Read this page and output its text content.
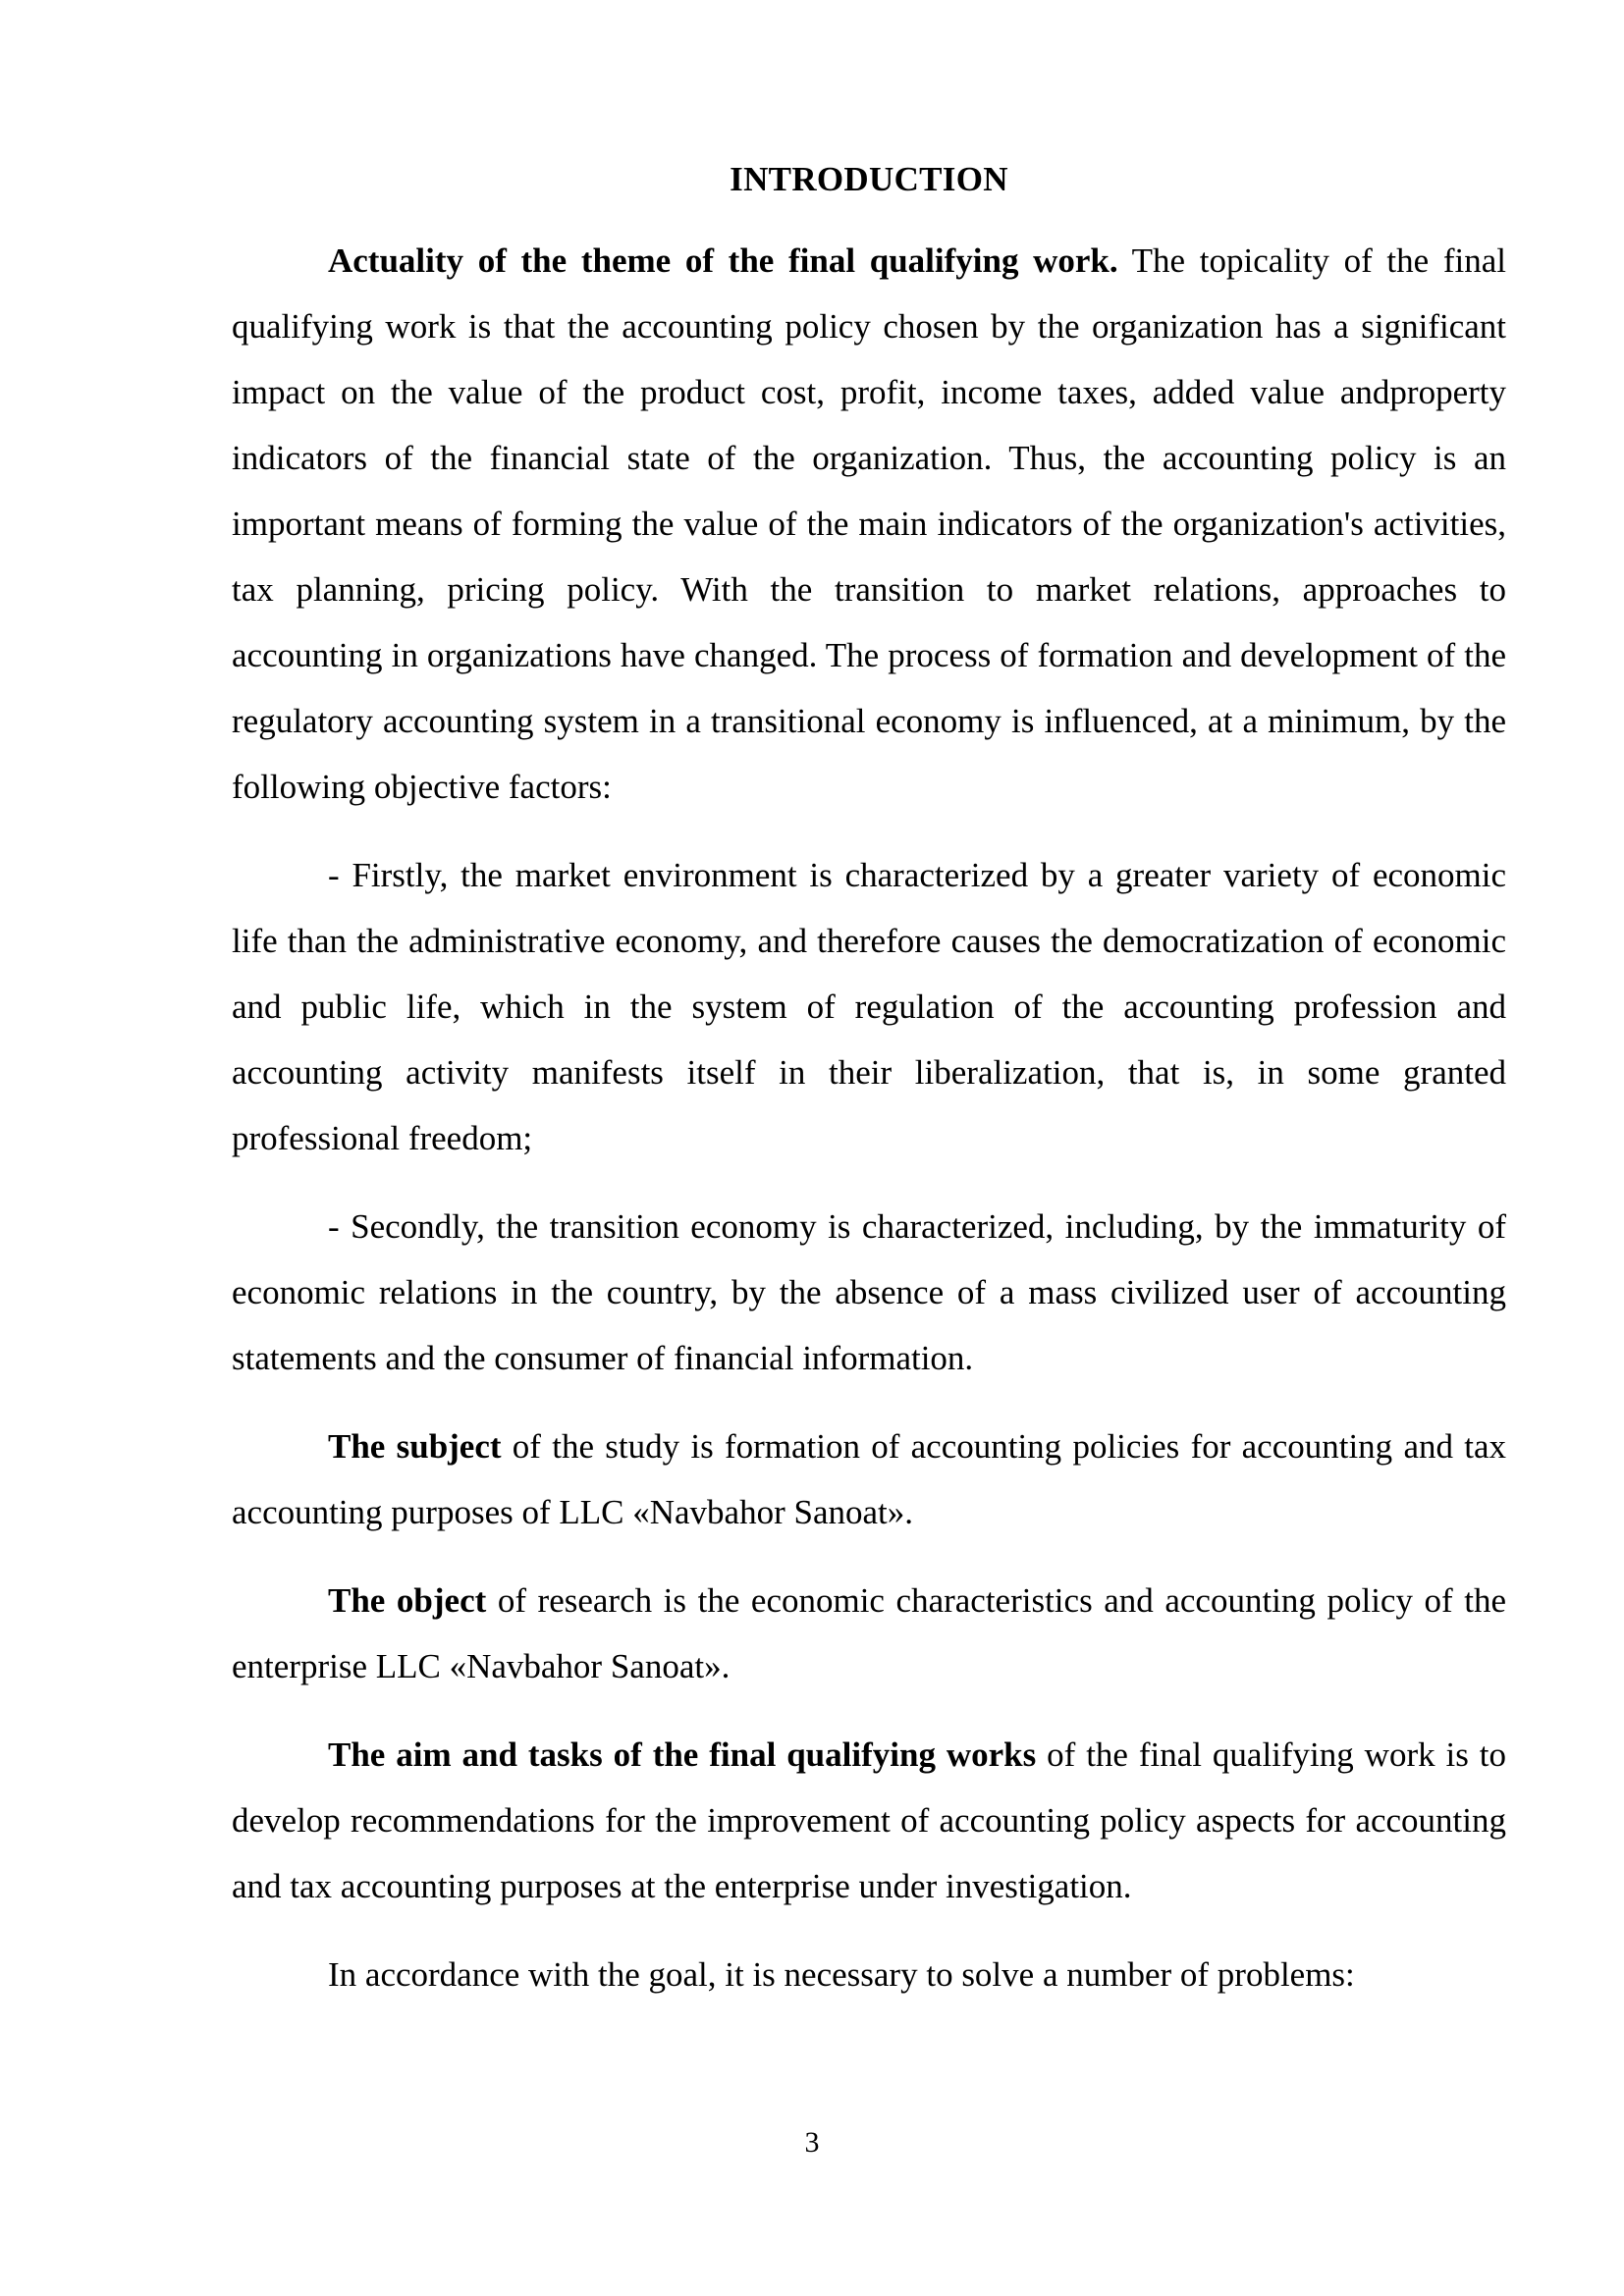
INTRODUCTION

Actuality of the theme of the final qualifying work. The topicality of the final qualifying work is that the accounting policy chosen by the organization has a significant impact on the value of the product cost, profit, income taxes, added value andproperty indicators of the financial state of the organization. Thus, the accounting policy is an important means of forming the value of the main indicators of the organization's activities, tax planning, pricing policy. With the transition to market relations, approaches to accounting in organizations have changed. The process of formation and development of the regulatory accounting system in a transitional economy is influenced, at a minimum, by the following objective factors:

- Firstly, the market environment is characterized by a greater variety of economic life than the administrative economy, and therefore causes the democratization of economic and public life, which in the system of regulation of the accounting profession and accounting activity manifests itself in their liberalization, that is, in some granted professional freedom;

- Secondly, the transition economy is characterized, including, by the immaturity of economic relations in the country, by the absence of a mass civilized user of accounting statements and the consumer of financial information.

The subject of the study is formation of accounting policies for accounting and tax accounting purposes of LLC «Navbahor Sanoat».

The object of research is the economic characteristics and accounting policy of the enterprise LLC «Navbahor Sanoat».

The aim and tasks of the final qualifying works of the final qualifying work is to develop recommendations for the improvement of accounting policy aspects for accounting and tax accounting purposes at the enterprise under investigation.

In accordance with the goal, it is necessary to solve a number of problems:

3
